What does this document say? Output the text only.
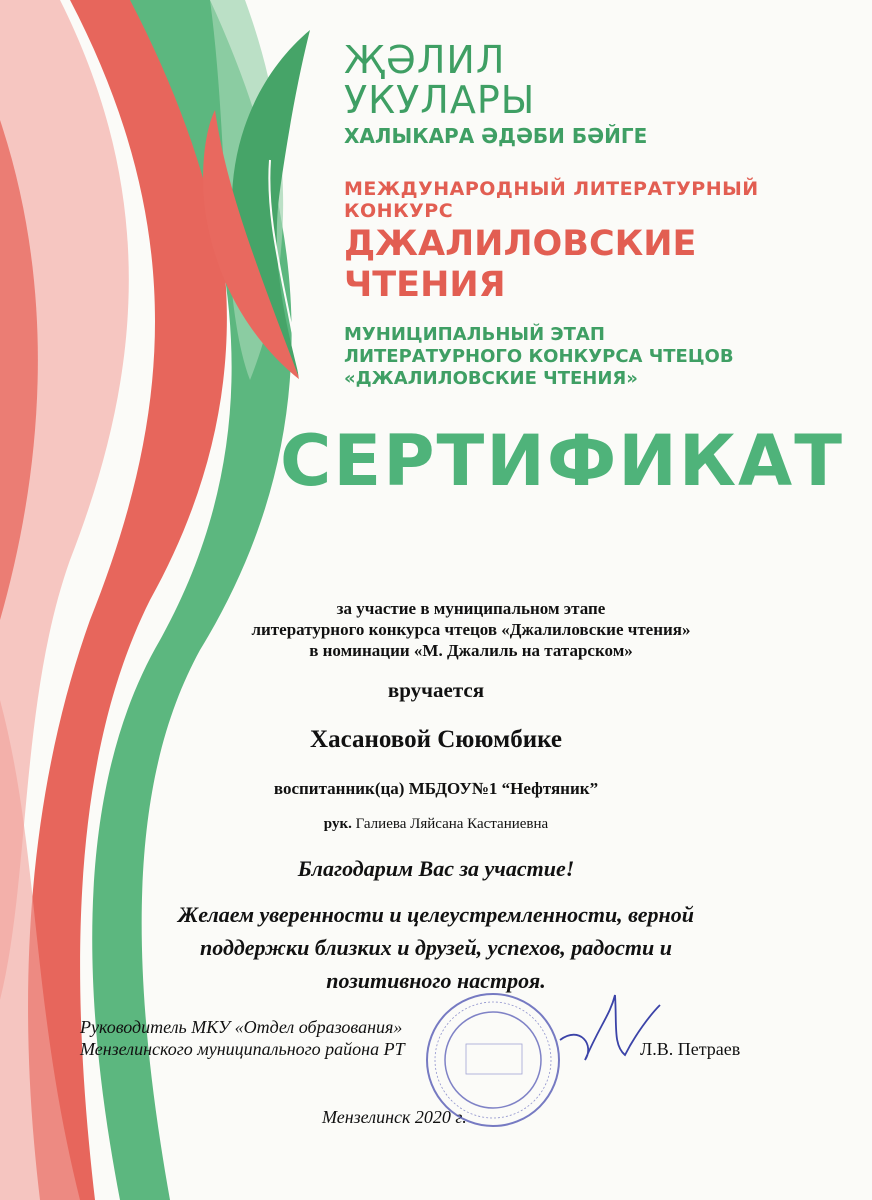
ҖӘЛИЛ
УКУЛАРЫ
ХАЛЫКАРА ӘДӘБИ БӘЙГЕ
МЕЖДУНАРОДНЫЙ ЛИТЕРАТУРНЫЙ КОНКУРС
ДЖАЛИЛОВСКИЕ
ЧТЕНИЯ
МУНИЦИПАЛЬНЫЙ ЭТАП
ЛИТЕРАТУРНОГО КОНКУРСА ЧТЕЦОВ
«ДЖАЛИЛОВСКИЕ ЧТЕНИЯ»
СЕРТИФИКАТ
за участие в муниципальном этапе
литературного конкурса чтецов «Джалиловские чтения»
в номинации «М. Джалиль на татарском»
вручается
Хасановой Сююмбике
воспитанник(ца) МБДОУ№1 “Нефтяник”
рук. Галиева Ляйсана Кастаниевна
Благодарим Вас за участие!
Желаем уверенности и целеустремленности, верной
поддержки близких и друзей, успехов, радости и
позитивного настроя.
Руководитель МКУ «Отдел образования»
Мензелинского муниципального района РТ	Л.В. Петраев
Мензелинск 2020 г.
